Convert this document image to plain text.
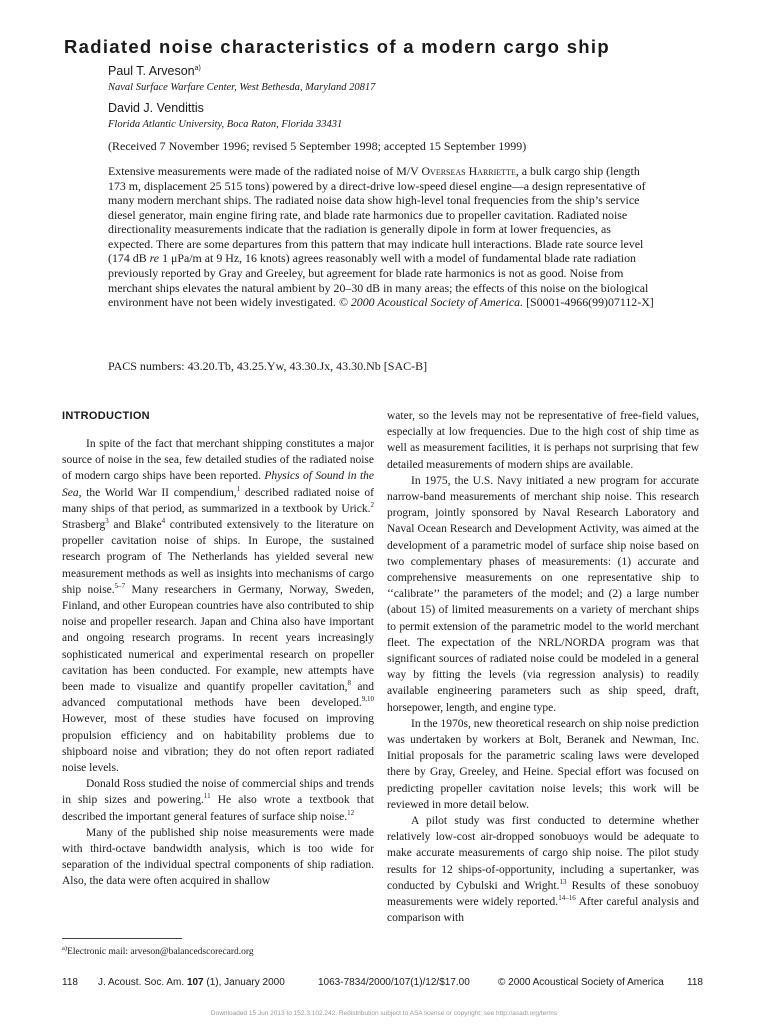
Radiated noise characteristics of a modern cargo ship
Paul T. Arveson$^{a)}$
Naval Surface Warfare Center, West Bethesda, Maryland 20817
David J. Vendittis
Florida Atlantic University, Boca Raton, Florida 33431
(Received 7 November 1996; revised 5 September 1998; accepted 15 September 1999)

Extensive measurements were made of the radiated noise of M/V Overseas Harriette, a bulk cargo ship (length 173 m, displacement 25 515 tons) powered by a direct-drive low-speed diesel engine—a design representative of many modern merchant ships. The radiated noise data show high-level tonal frequencies from the ship’s service diesel generator, main engine firing rate, and blade rate harmonics due to propeller cavitation. Radiated noise directionality measurements indicate that the radiation is generally dipole in form at lower frequencies, as expected. There are some departures from this pattern that may indicate hull interactions. Blade rate source level (174 dB re 1 μPa/m at 9 Hz, 16 knots) agrees reasonably well with a model of fundamental blade rate radiation previously reported by Gray and Greeley, but agreement for blade rate harmonics is not as good. Noise from merchant ships elevates the natural ambient by 20–30 dB in many areas; the effects of this noise on the biological environment have not been widely investigated. © 2000 Acoustical Society of America. [S0001-4966(99)07112-X]

PACS numbers: 43.20.Tb, 43.25.Yw, 43.30.Jx, 43.30.Nb [SAC-B]
INTRODUCTION

In spite of the fact that merchant shipping constitutes a major source of noise in the sea, few detailed studies of the radiated noise of modern cargo ships have been reported. Physics of Sound in the Sea, the World War II compendium,$^1$ described radiated noise of many ships of that period, as summarized in a textbook by Urick.$^2$ Strasberg$^3$ and Blake$^4$ contributed extensively to the literature on propeller cavitation noise of ships. In Europe, the sustained research program of The Netherlands has yielded several new measurement methods as well as insights into mechanisms of cargo ship noise.$^{5-7}$ Many researchers in Germany, Norway, Sweden, Finland, and other European countries have also contributed to ship noise and propeller research. Japan and China also have important and ongoing research programs. In recent years increasingly sophisticated numerical and experimental research on propeller cavitation has been conducted. For example, new attempts have been made to visualize and quantify propeller cavitation,$^8$ and advanced computational methods have been developed.$^{9,10}$ However, most of these studies have focused on improving propulsion efficiency and on habitability problems due to shipboard noise and vibration; they do not often report radiated noise levels.

Donald Ross studied the noise of commercial ships and trends in ship sizes and powering.$^{11}$ He also wrote a textbook that described the important general features of surface ship noise.$^{12}$

Many of the published ship noise measurements were made with third-octave bandwidth analysis, which is too wide for separation of the individual spectral components of ship radiation. Also, the data were often acquired in shallow

water, so the levels may not be representative of free-field values, especially at low frequencies. Due to the high cost of ship time as well as measurement facilities, it is perhaps not surprising that few detailed measurements of modern ships are available.

In 1975, the U.S. Navy initiated a new program for accurate narrow-band measurements of merchant ship noise. This research program, jointly sponsored by Naval Research Laboratory and Naval Ocean Research and Development Activity, was aimed at the development of a parametric model of surface ship noise based on two complementary phases of measurements: (1) accurate and comprehensive measurements on one representative ship to ‘‘calibrate’’ the parameters of the model; and (2) a large number (about 15) of limited measurements on a variety of merchant ships to permit extension of the parametric model to the world merchant fleet. The expectation of the NRL/NORDA program was that significant sources of radiated noise could be modeled in a general way by fitting the levels (via regression analysis) to readily available engineering parameters such as ship speed, draft, horsepower, length, and engine type.

In the 1970s, new theoretical research on ship noise prediction was undertaken by workers at Bolt, Beranek and Newman, Inc. Initial proposals for the parametric scaling laws were developed there by Gray, Greeley, and Heine. Special effort was focused on predicting propeller cavitation noise levels; this work will be reviewed in more detail below.

A pilot study was first conducted to determine whether relatively low-cost air-dropped sonobuoys would be adequate to make accurate measurements of cargo ship noise. The pilot study results for 12 ships-of-opportunity, including a supertanker, was conducted by Cybulski and Wright.$^{13}$ Results of these sonobuoy measurements were widely reported.$^{14-16}$ After careful analysis and comparison with

$^{a)}$Electronic mail: arveson@balancedscorecard.org
118 J. Acoust. Soc. Am. 107 (1), January 2000	1063-7834/2000/107(1)/12/$17.00	© 2000 Acoustical Society of America 118
Downloaded 15 Jun 2013 to 152.3.102.242. Redistribution subject to ASA license or copyright; see http://asadl.org/terms
